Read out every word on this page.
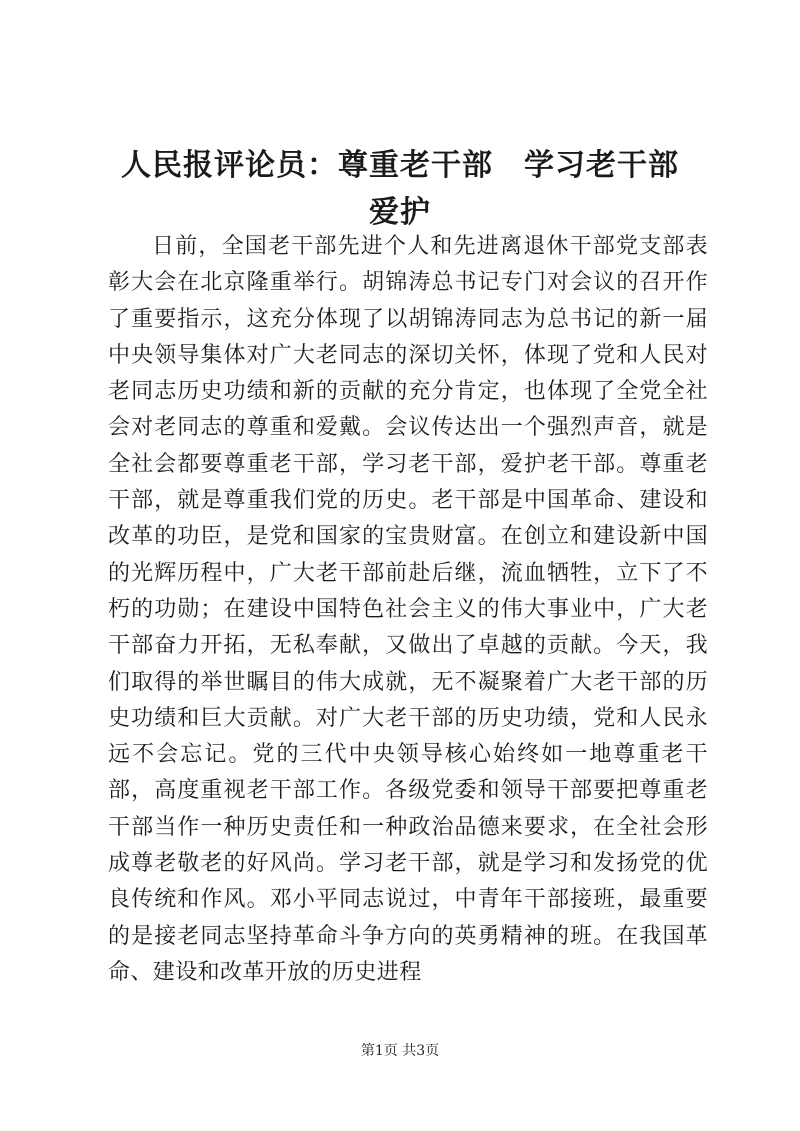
人民报评论员：尊重老干部　学习老干部　爱护

日前，全国老干部先进个人和先进离退休干部党支部表彰大会在北京隆重举行。胡锦涛总书记专门对会议的召开作了重要指示，这充分体现了以胡锦涛同志为总书记的新一届中央领导集体对广大老同志的深切关怀，体现了党和人民对老同志历史功绩和新的贡献的充分肯定，也体现了全党全社会对老同志的尊重和爱戴。会议传达出一个强烈声音，就是全社会都要尊重老干部，学习老干部，爱护老干部。尊重老干部，就是尊重我们党的历史。老干部是中国革命、建设和改革的功臣，是党和国家的宝贵财富。在创立和建设新中国的光辉历程中，广大老干部前赴后继，流血牺牲，立下了不朽的功勋；在建设中国特色社会主义的伟大事业中，广大老干部奋力开拓，无私奉献，又做出了卓越的贡献。今天，我们取得的举世瞩目的伟大成就，无不凝聚着广大老干部的历史功绩和巨大贡献。对广大老干部的历史功绩，党和人民永远不会忘记。党的三代中央领导核心始终如一地尊重老干部，高度重视老干部工作。各级党委和领导干部要把尊重老干部当作一种历史责任和一种政治品德来要求，在全社会形成尊老敬老的好风尚。学习老干部，就是学习和发扬党的优良传统和作风。邓小平同志说过，中青年干部接班，最重要的是接老同志坚持革命斗争方向的英勇精神的班。在我国革命、建设和改革开放的历史进程

第1页 共3页
